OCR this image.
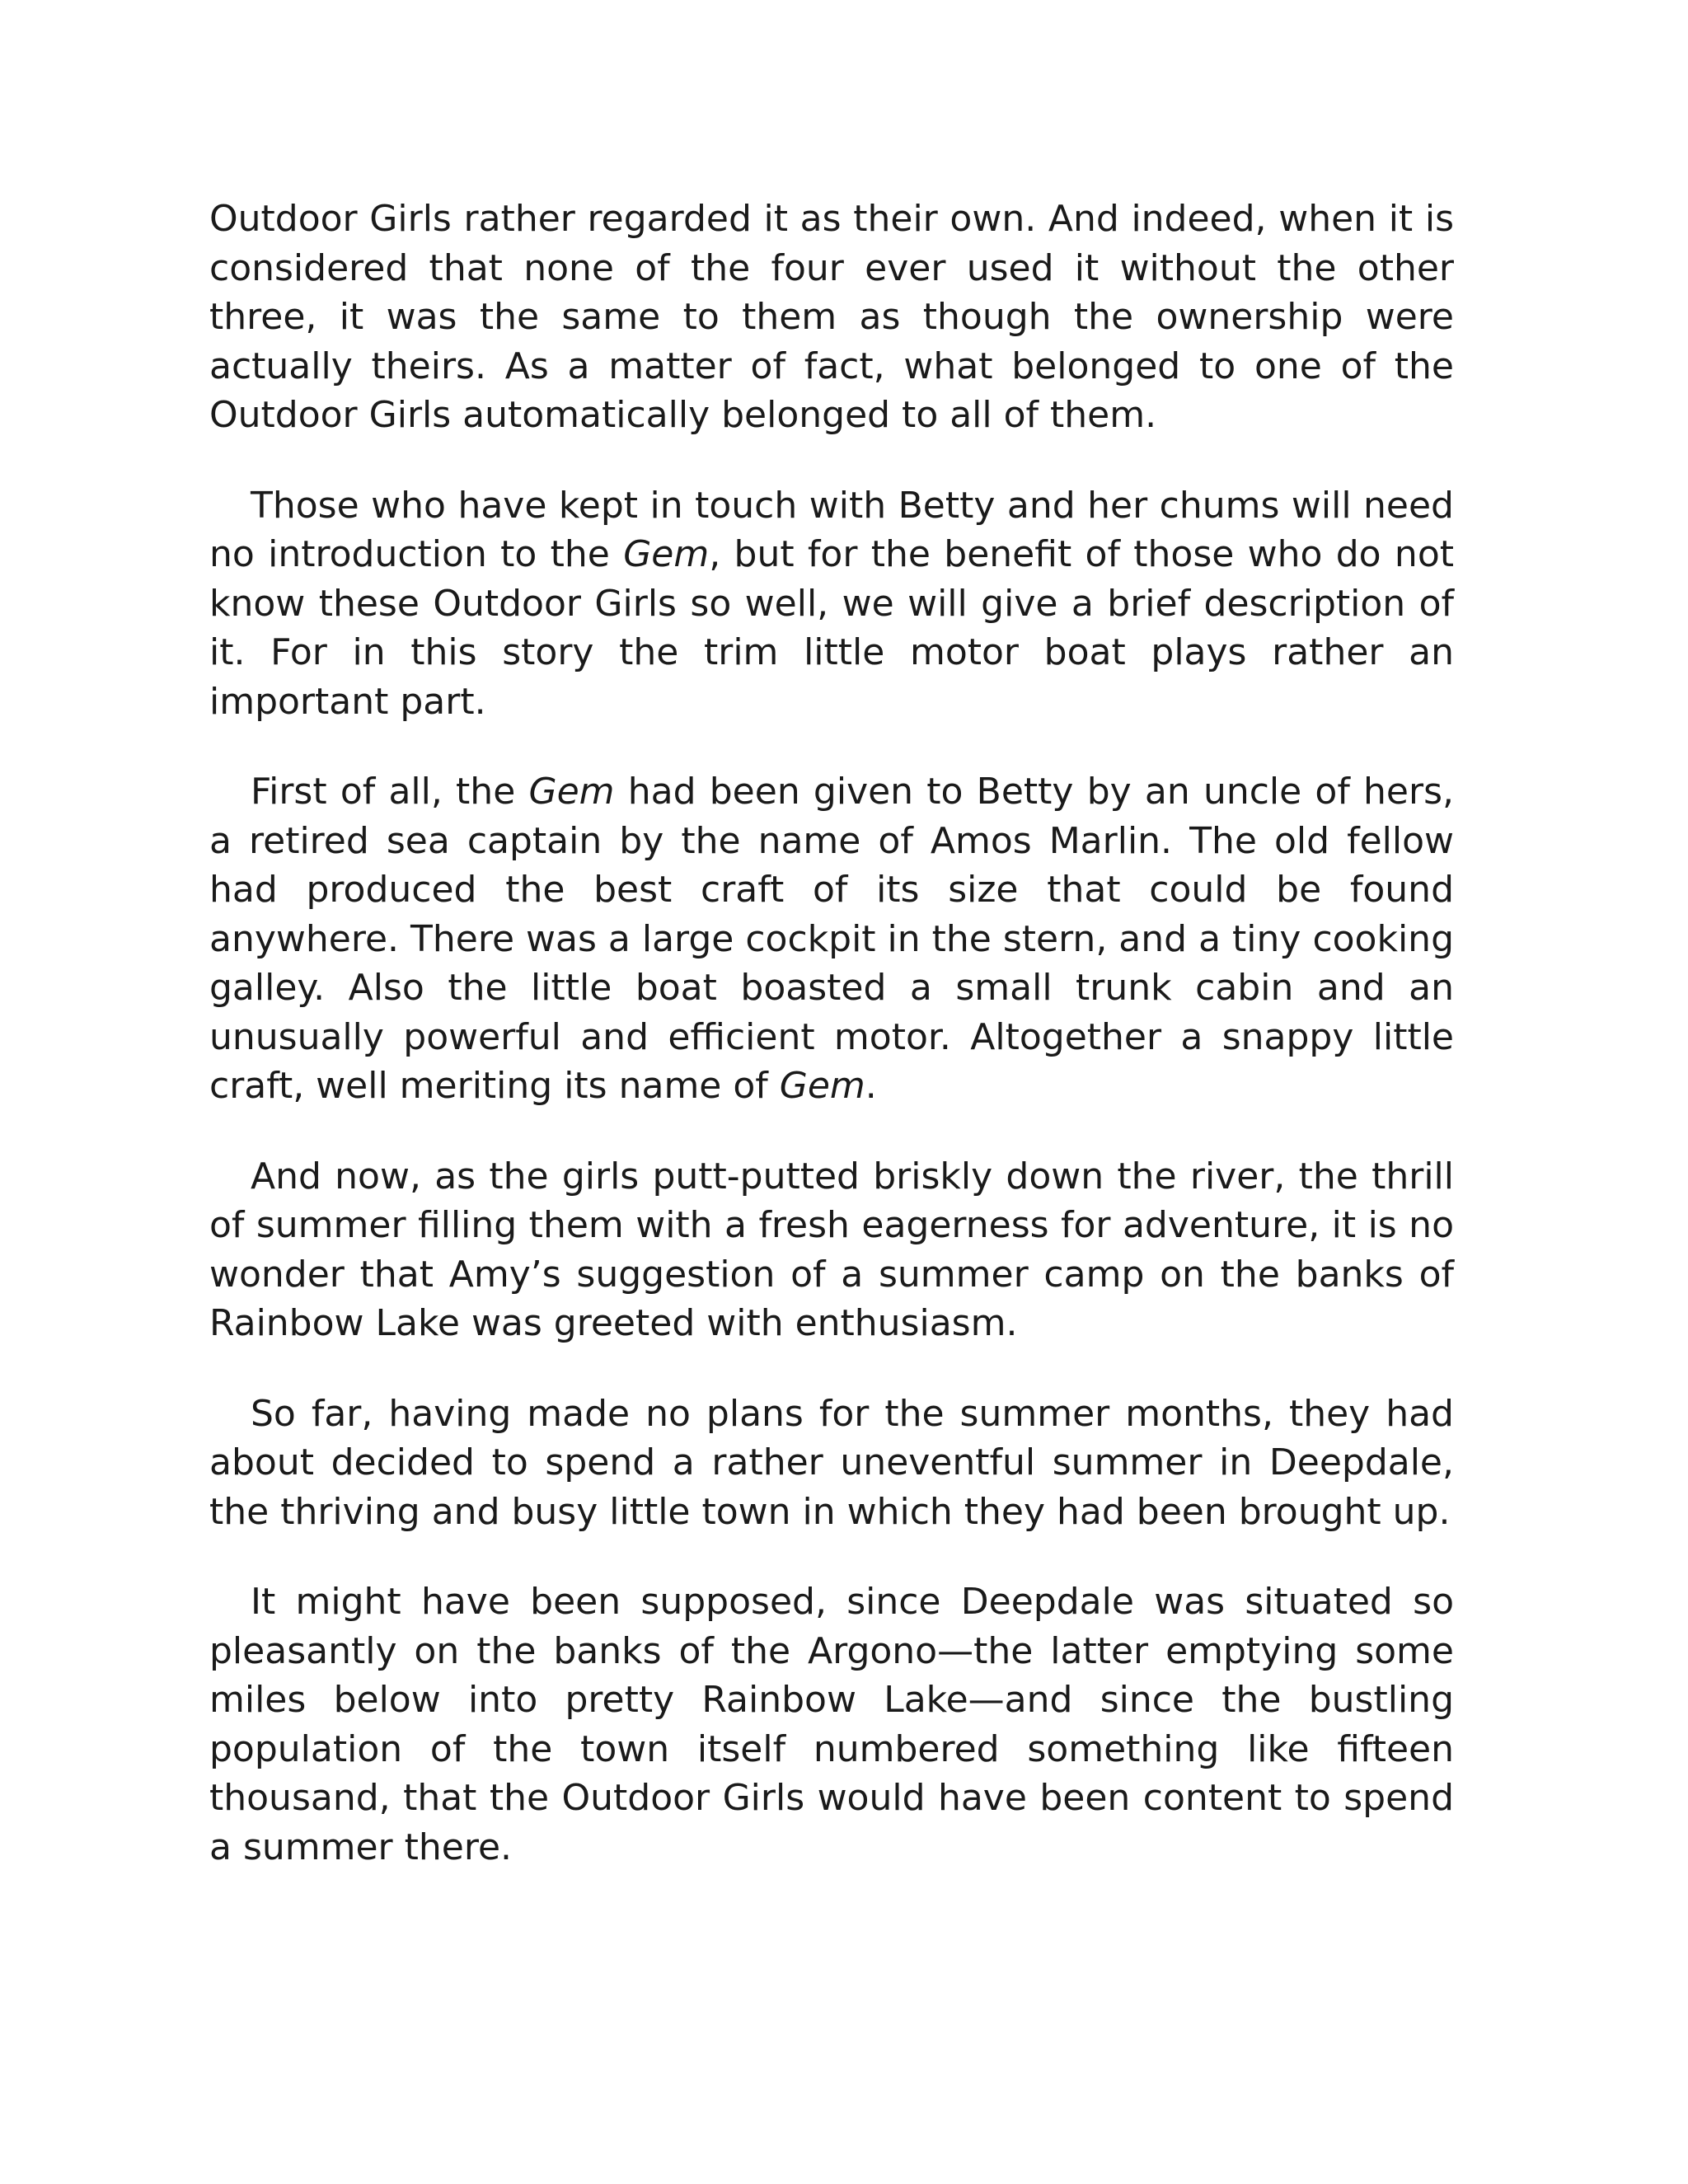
Outdoor Girls rather regarded it as their own. And indeed, when it is considered that none of the four ever used it without the other three, it was the same to them as though the ownership were actually theirs. As a matter of fact, what belonged to one of the Outdoor Girls automatically belonged to all of them.

Those who have kept in touch with Betty and her chums will need no introduction to the Gem, but for the benefit of those who do not know these Outdoor Girls so well, we will give a brief description of it. For in this story the trim little motor boat plays rather an important part.

First of all, the Gem had been given to Betty by an uncle of hers, a retired sea captain by the name of Amos Marlin. The old fellow had produced the best craft of its size that could be found anywhere. There was a large cockpit in the stern, and a tiny cooking galley. Also the little boat boasted a small trunk cabin and an unusually powerful and efficient motor. Altogether a snappy little craft, well meriting its name of Gem.

And now, as the girls putt-putted briskly down the river, the thrill of summer filling them with a fresh eagerness for adventure, it is no wonder that Amy’s suggestion of a summer camp on the banks of Rainbow Lake was greeted with enthusiasm.

So far, having made no plans for the summer months, they had about decided to spend a rather uneventful summer in Deepdale, the thriving and busy little town in which they had been brought up.

It might have been supposed, since Deepdale was situated so pleasantly on the banks of the Argono—the latter emptying some miles below into pretty Rainbow Lake—and since the bustling population of the town itself numbered something like fifteen thousand, that the Outdoor Girls would have been content to spend a summer there.
